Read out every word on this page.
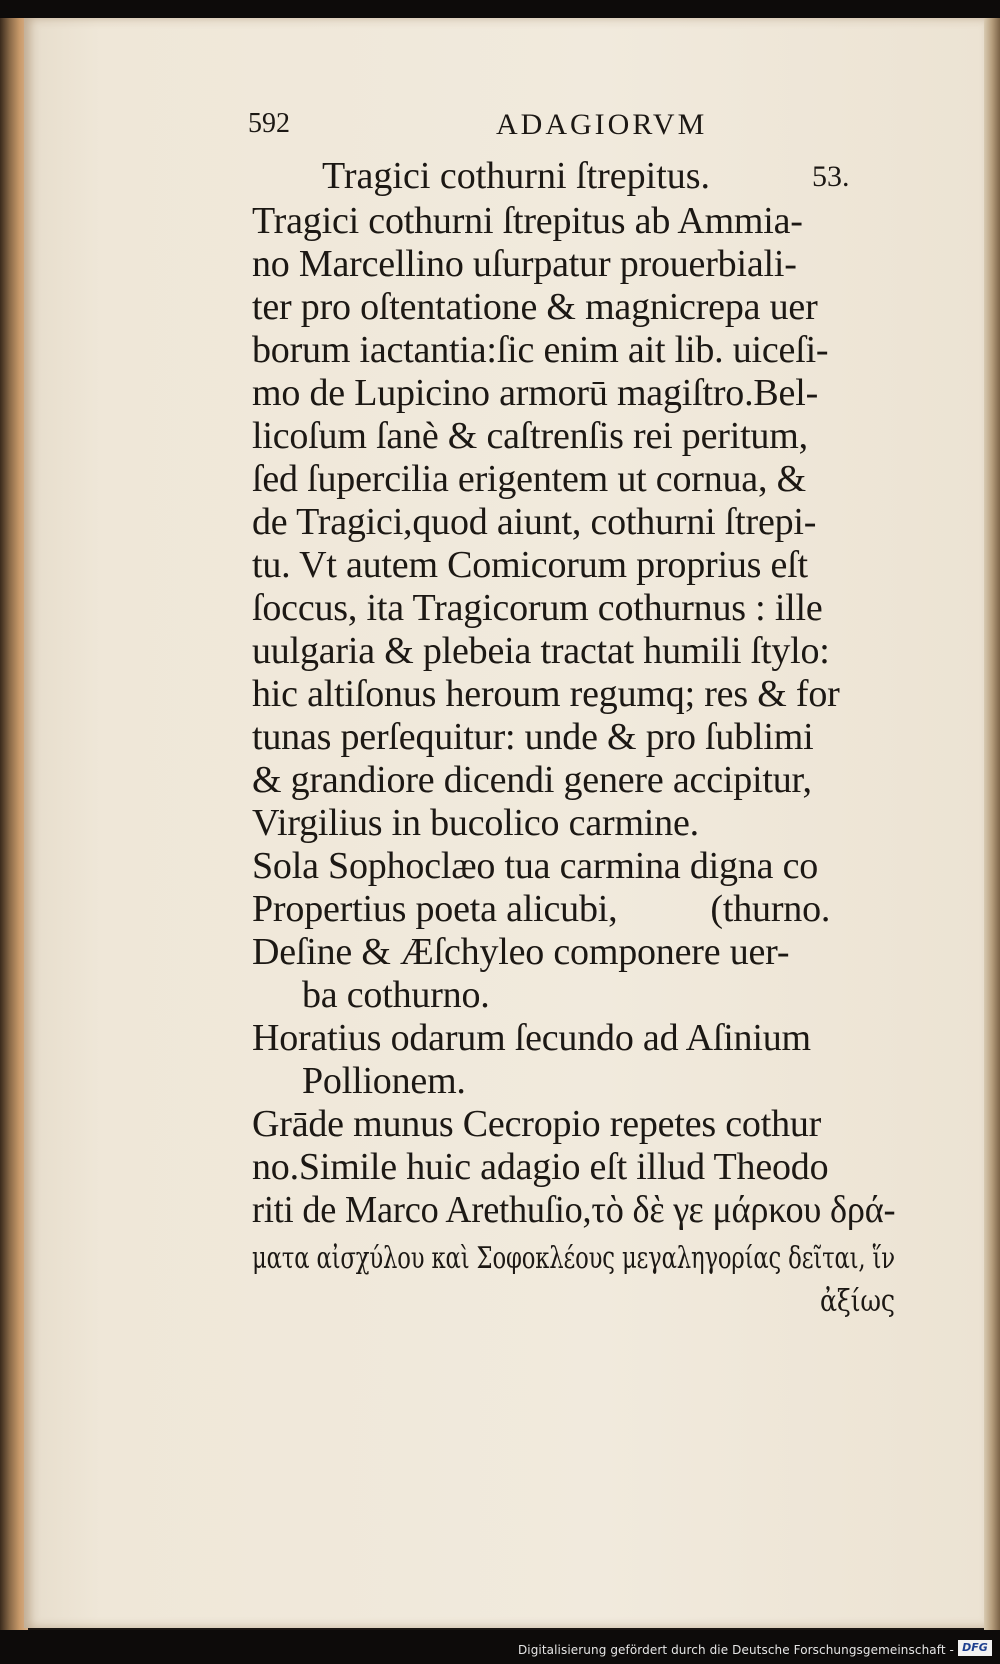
592	ADAGIORVM
Tragici cothurni ſtrepitus.	53.
Tragici cothurni ſtrepitus ab Ammia-
no Marcellino uſurpatur prouerbiali-
ter pro oſtentatione & magnicrepa uer
borum iactantia:ſic enim ait lib. uiceſi-
mo de Lupicino armorū magiſtro.Bel-
licoſum ſanè & caſtrenſis rei peritum,
ſed ſupercilia erigentem ut cornua, &
de Tragici,quod aiunt, cothurni ſtrepi-
tu. Vt autem Comicorum proprius eſt
ſoccus, ita Tragicorum cothurnus : ille
uulgaria & plebeia tractat humili ſtylo:
hic altiſonus heroum regumq; res & for
tunas perſequitur: unde & pro ſublimi
& grandiore dicendi genere accipitur,
Virgilius in bucolico carmine.
Sola Sophoclæo tua carmina digna co
Propertius poeta alicubi,          (thurno.
Deſine & Æſchyleo componere uer-
ba cothurno.
Horatius odarum ſecundo ad Aſinium
Pollionem.
Grāde munus Cecropio repetes cothur
no.Simile huic adagio eſt illud Theodo
riti de Marco Arethuſio,τὸ δὲ γε μάρκου δρά-
ματα αἰσχύλου καὶ Σοφοκλέους μεγαληγορίας δεῖται, ἵν
ἀξίως
Digitalisierung gefördert durch die Deutsche Forschungsgemeinschaft - DFG
